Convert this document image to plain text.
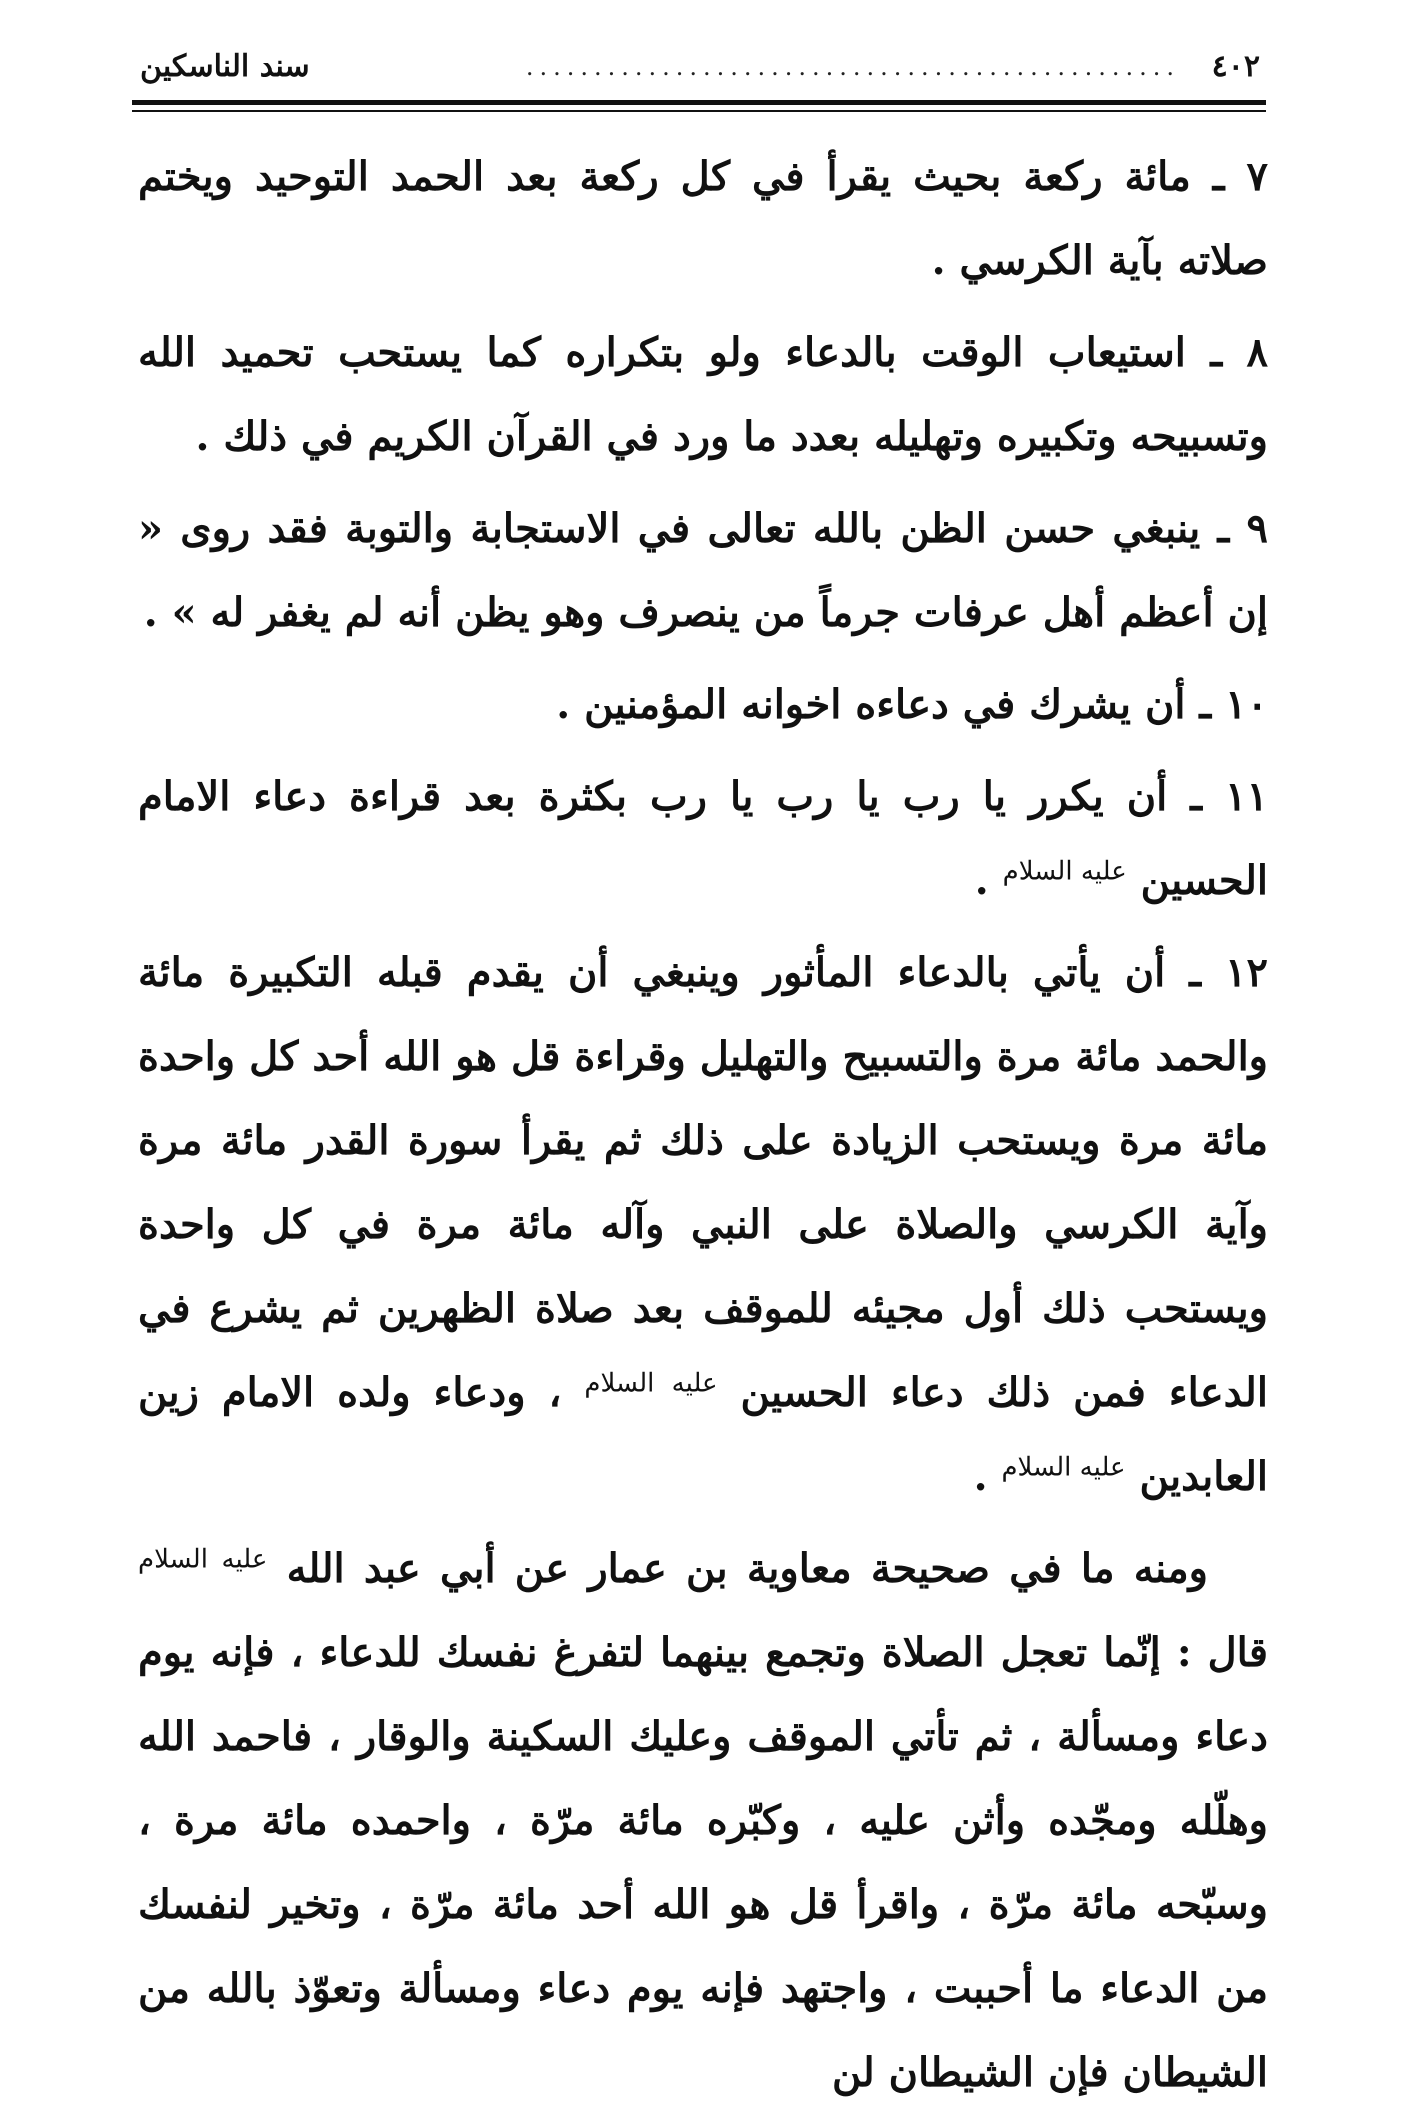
٤٠٢
................................................
سند الناسكين

٧ ـ مائة ركعة بحيث يقرأ في كل ركعة بعد الحمد التوحيد ويختم صلاته بآية الكرسي .

٨ ـ استيعاب الوقت بالدعاء ولو بتكراره كما يستحب تحميد الله وتسبيحه وتكبيره وتهليله بعدد ما ورد في القرآن الكريم في ذلك .

٩ ـ ينبغي حسن الظن بالله تعالى في الاستجابة والتوبة فقد روى « إن أعظم أهل عرفات جرماً من ينصرف وهو يظن أنه لم يغفر له » .

١٠ ـ أن يشرك في دعاءه اخوانه المؤمنين .

١١ ـ أن يكرر يا رب يا رب يا رب بكثرة بعد قراءة دعاء الامام الحسين $^{عليه السلام}$ .

١٢ ـ أن يأتي بالدعاء المأثور وينبغي أن يقدم قبله التكبيرة مائة والحمد مائة مرة والتسبيح والتهليل وقراءة قل هو الله أحد كل واحدة مائة مرة ويستحب الزيادة على ذلك ثم يقرأ سورة القدر مائة مرة وآية الكرسي والصلاة على النبي وآله مائة مرة في كل واحدة ويستحب ذلك أول مجيئه للموقف بعد صلاة الظهرين ثم يشرع في الدعاء فمن ذلك دعاء الحسين $^{عليه السلام}$ ، ودعاء ولده الامام زين العابدين $^{عليه السلام}$ .

ومنه ما في صحيحة معاوية بن عمار عن أبي عبد الله $^{عليه السلام}$ قال : إنّما تعجل الصلاة وتجمع بينهما لتفرغ نفسك للدعاء ، فإنه يوم دعاء ومسألة ، ثم تأتي الموقف وعليك السكينة والوقار ، فاحمد الله وهلّله ومجّده وأثن عليه ، وكبّره مائة مرّة ، واحمده مائة مرة ، وسبّحه مائة مرّة ، واقرأ قل هو الله أحد مائة مرّة ، وتخير لنفسك من الدعاء ما أحببت ، واجتهد فإنه يوم دعاء ومسألة وتعوّذ بالله من الشيطان فإن الشيطان لن
